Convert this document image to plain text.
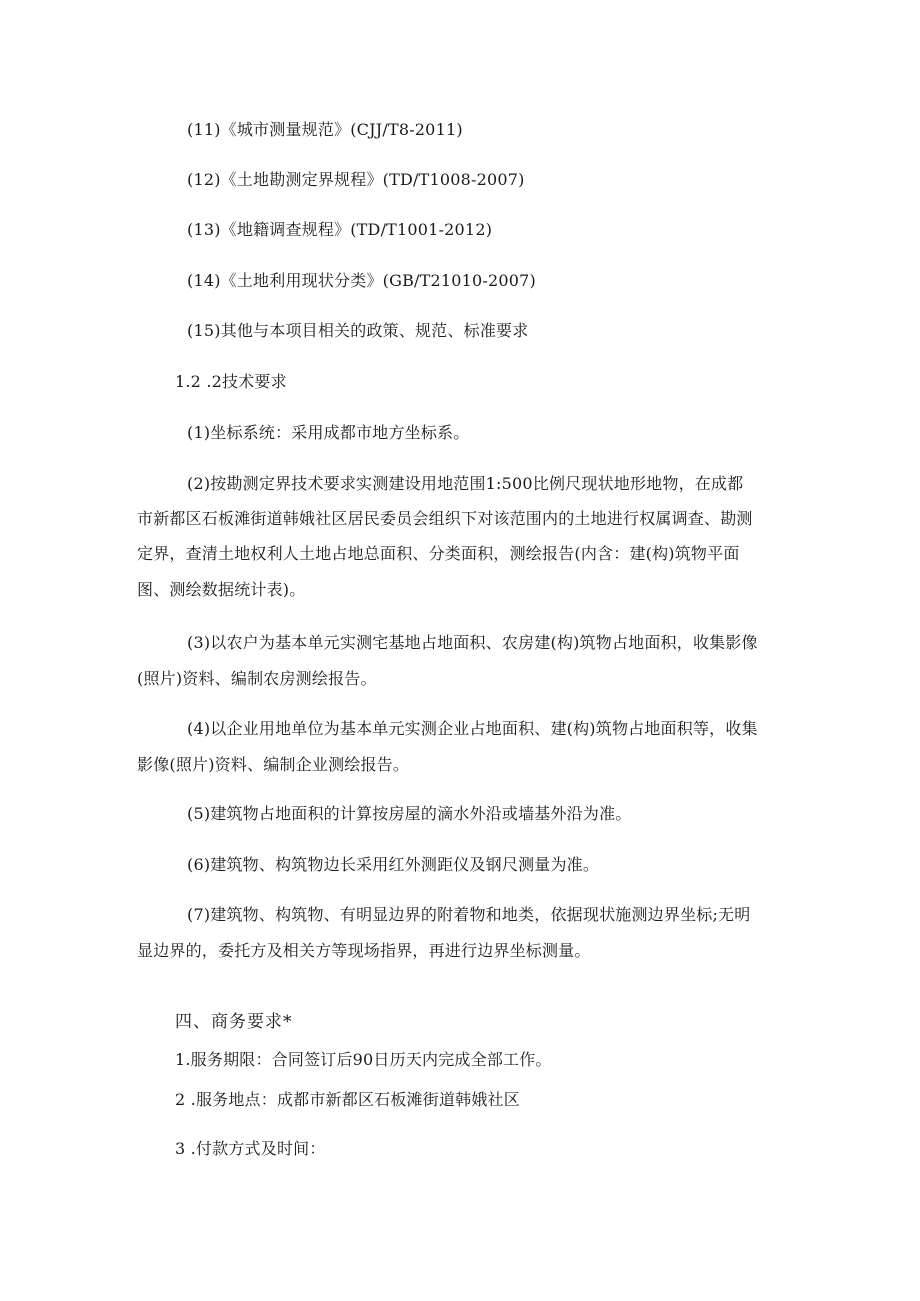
(11)《城市测量规范》(CJJ/T8-2011)
(12)《土地勘测定界规程》(TD/T1008-2007)
(13)《地籍调查规程》(TD/T1001-2012)
(14)《土地利用现状分类》(GB/T21010-2007)
(15)其他与本项目相关的政策、规范、标准要求
1.2 .2技术要求
(1)坐标系统：采用成都市地方坐标系。
(2)按勘测定界技术要求实测建设用地范围1:500比例尺现状地形地物，在成都
市新都区石板滩街道韩娥社区居民委员会组织下对该范围内的土地进行权属调查、勘测
定界，查清土地权利人土地占地总面积、分类面积，测绘报告(内含：建(构)筑物平面
图、测绘数据统计表)。
(3)以农户为基本单元实测宅基地占地面积、农房建(构)筑物占地面积，收集影像
(照片)资料、编制农房测绘报告。
(4)以企业用地单位为基本单元实测企业占地面积、建(构)筑物占地面积等，收集
影像(照片)资料、编制企业测绘报告。
(5)建筑物占地面积的计算按房屋的滴水外沿或墙基外沿为准。
(6)建筑物、构筑物边长采用红外测距仪及钢尺测量为准。
(7)建筑物、构筑物、有明显边界的附着物和地类，依据现状施测边界坐标;无明
显边界的，委托方及相关方等现场指界，再进行边界坐标测量。
四、商务要求*
1.服务期限：合同签订后90日历天内完成全部工作。
2 .服务地点：成都市新都区石板滩街道韩娥社区
3 .付款方式及时间：
